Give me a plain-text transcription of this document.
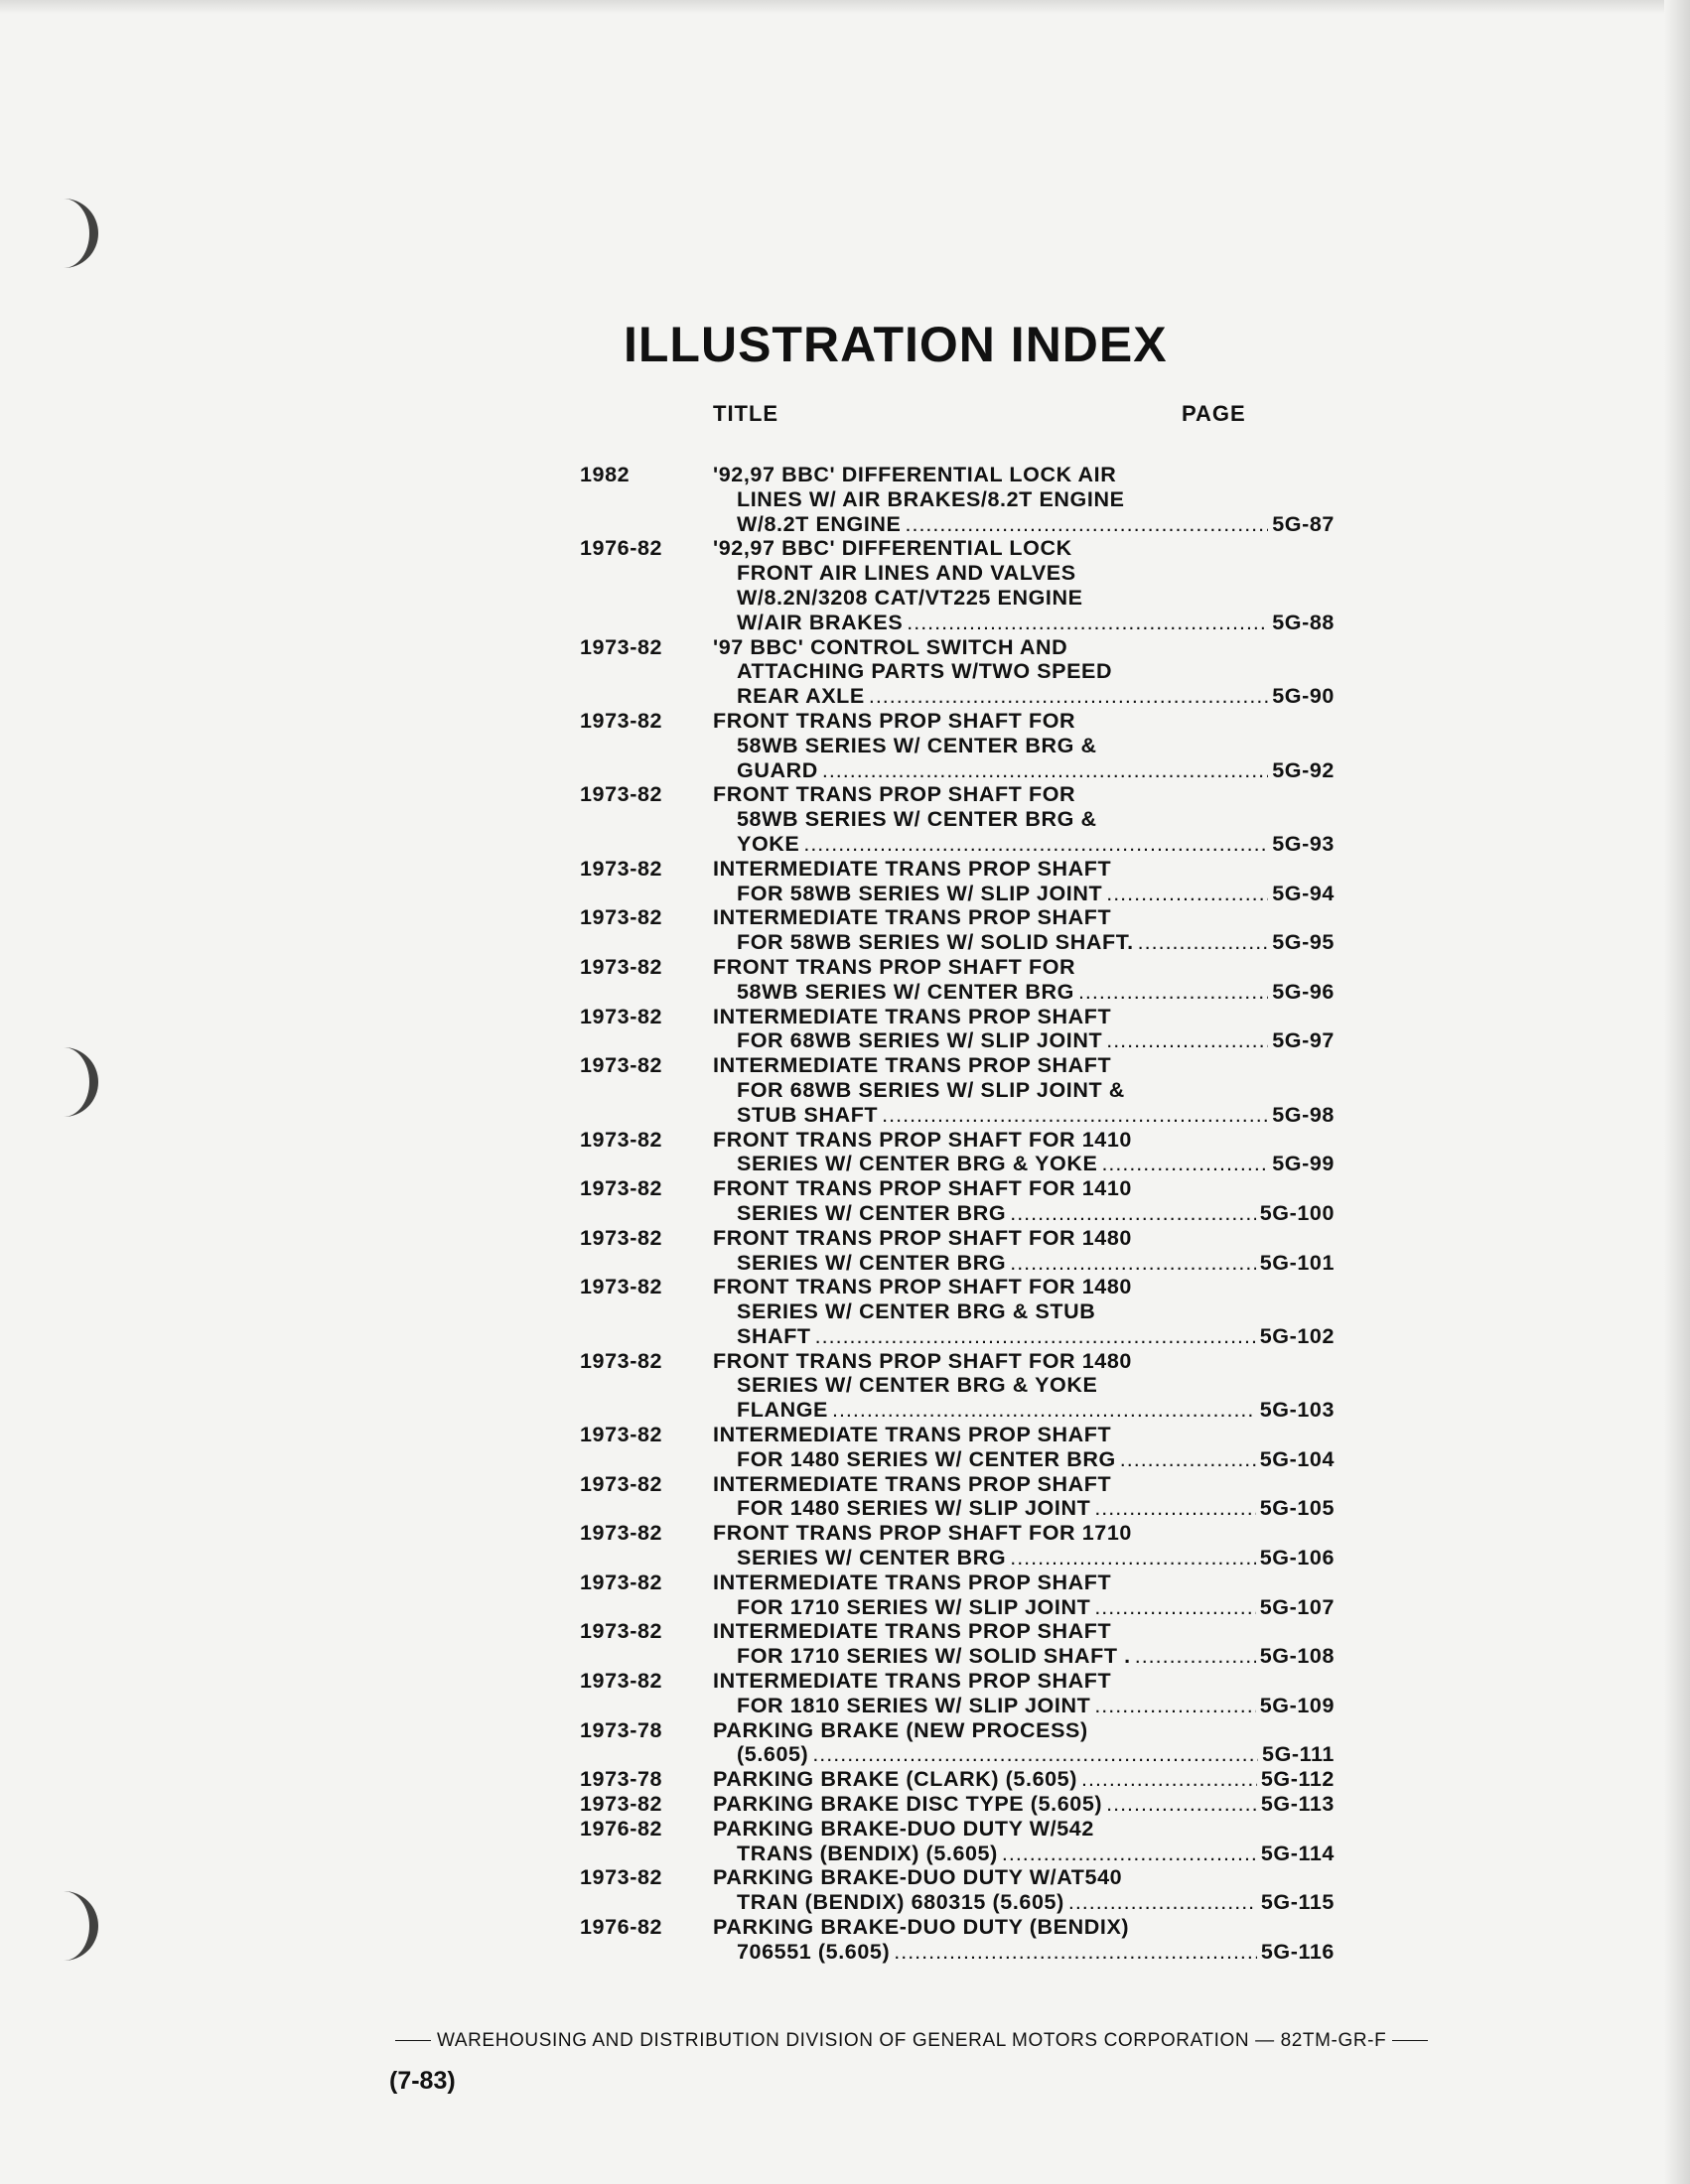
ILLUSTRATION INDEX
TITLE	PAGE
1982	'92,97 BBC' DIFFERENTIAL LOCK AIR
LINES W/ AIR BRAKES/8.2T ENGINE
W/8.2T ENGINE .....	5G-87
1976-82	'92,97 BBC' DIFFERENTIAL LOCK
FRONT AIR LINES AND VALVES
W/8.2N/3208 CAT/VT225 ENGINE
W/AIR BRAKES .....	5G-88
1973-82	'97 BBC' CONTROL SWITCH AND
ATTACHING PARTS W/TWO SPEED
REAR AXLE .....	5G-90
1973-82	FRONT TRANS PROP SHAFT FOR
58WB SERIES W/ CENTER BRG &
GUARD .....	5G-92
1973-82	FRONT TRANS PROP SHAFT FOR
58WB SERIES W/ CENTER BRG &
YOKE .....	5G-93
1973-82	INTERMEDIATE TRANS PROP SHAFT
FOR 58WB SERIES W/ SLIP JOINT .....	5G-94
1973-82	INTERMEDIATE TRANS PROP SHAFT
FOR 58WB SERIES W/ SOLID SHAFT. .....	5G-95
1973-82	FRONT TRANS PROP SHAFT FOR
58WB SERIES W/ CENTER BRG .....	5G-96
1973-82	INTERMEDIATE TRANS PROP SHAFT
FOR 68WB SERIES W/ SLIP JOINT .....	5G-97
1973-82	INTERMEDIATE TRANS PROP SHAFT
FOR 68WB SERIES W/ SLIP JOINT &
STUB SHAFT .....	5G-98
1973-82	FRONT TRANS PROP SHAFT FOR 1410
SERIES W/ CENTER BRG & YOKE .....	5G-99
1973-82	FRONT TRANS PROP SHAFT FOR 1410
SERIES W/ CENTER BRG .....	5G-100
1973-82	FRONT TRANS PROP SHAFT FOR 1480
SERIES W/ CENTER BRG .....	5G-101
1973-82	FRONT TRANS PROP SHAFT FOR 1480
SERIES W/ CENTER BRG & STUB
SHAFT .....	5G-102
1973-82	FRONT TRANS PROP SHAFT FOR 1480
SERIES W/ CENTER BRG & YOKE
FLANGE .....	5G-103
1973-82	INTERMEDIATE TRANS PROP SHAFT
FOR 1480 SERIES W/ CENTER BRG .....	5G-104
1973-82	INTERMEDIATE TRANS PROP SHAFT
FOR 1480 SERIES W/ SLIP JOINT .....	5G-105
1973-82	FRONT TRANS PROP SHAFT FOR 1710
SERIES W/ CENTER BRG .....	5G-106
1973-82	INTERMEDIATE TRANS PROP SHAFT
FOR 1710 SERIES W/ SLIP JOINT .....	5G-107
1973-82	INTERMEDIATE TRANS PROP SHAFT
FOR 1710 SERIES W/ SOLID SHAFT . .....	5G-108
1973-82	INTERMEDIATE TRANS PROP SHAFT
FOR 1810 SERIES W/ SLIP JOINT .....	5G-109
1973-78	PARKING BRAKE (NEW PROCESS)
(5.605) .....	5G-111
1973-78	PARKING BRAKE (CLARK) (5.605) .....	5G-112
1973-82	PARKING BRAKE DISC TYPE (5.605) .....	5G-113
1976-82	PARKING BRAKE-DUO DUTY W/542
TRANS (BENDIX) (5.605) .....	5G-114
1973-82	PARKING BRAKE-DUO DUTY W/AT540
TRAN (BENDIX) 680315 (5.605) .....	5G-115
1976-82	PARKING BRAKE-DUO DUTY (BENDIX)
706551 (5.605) .....	5G-116
WAREHOUSING AND DISTRIBUTION DIVISION OF GENERAL MOTORS CORPORATION — 82TM-GR-F
(7-83)
